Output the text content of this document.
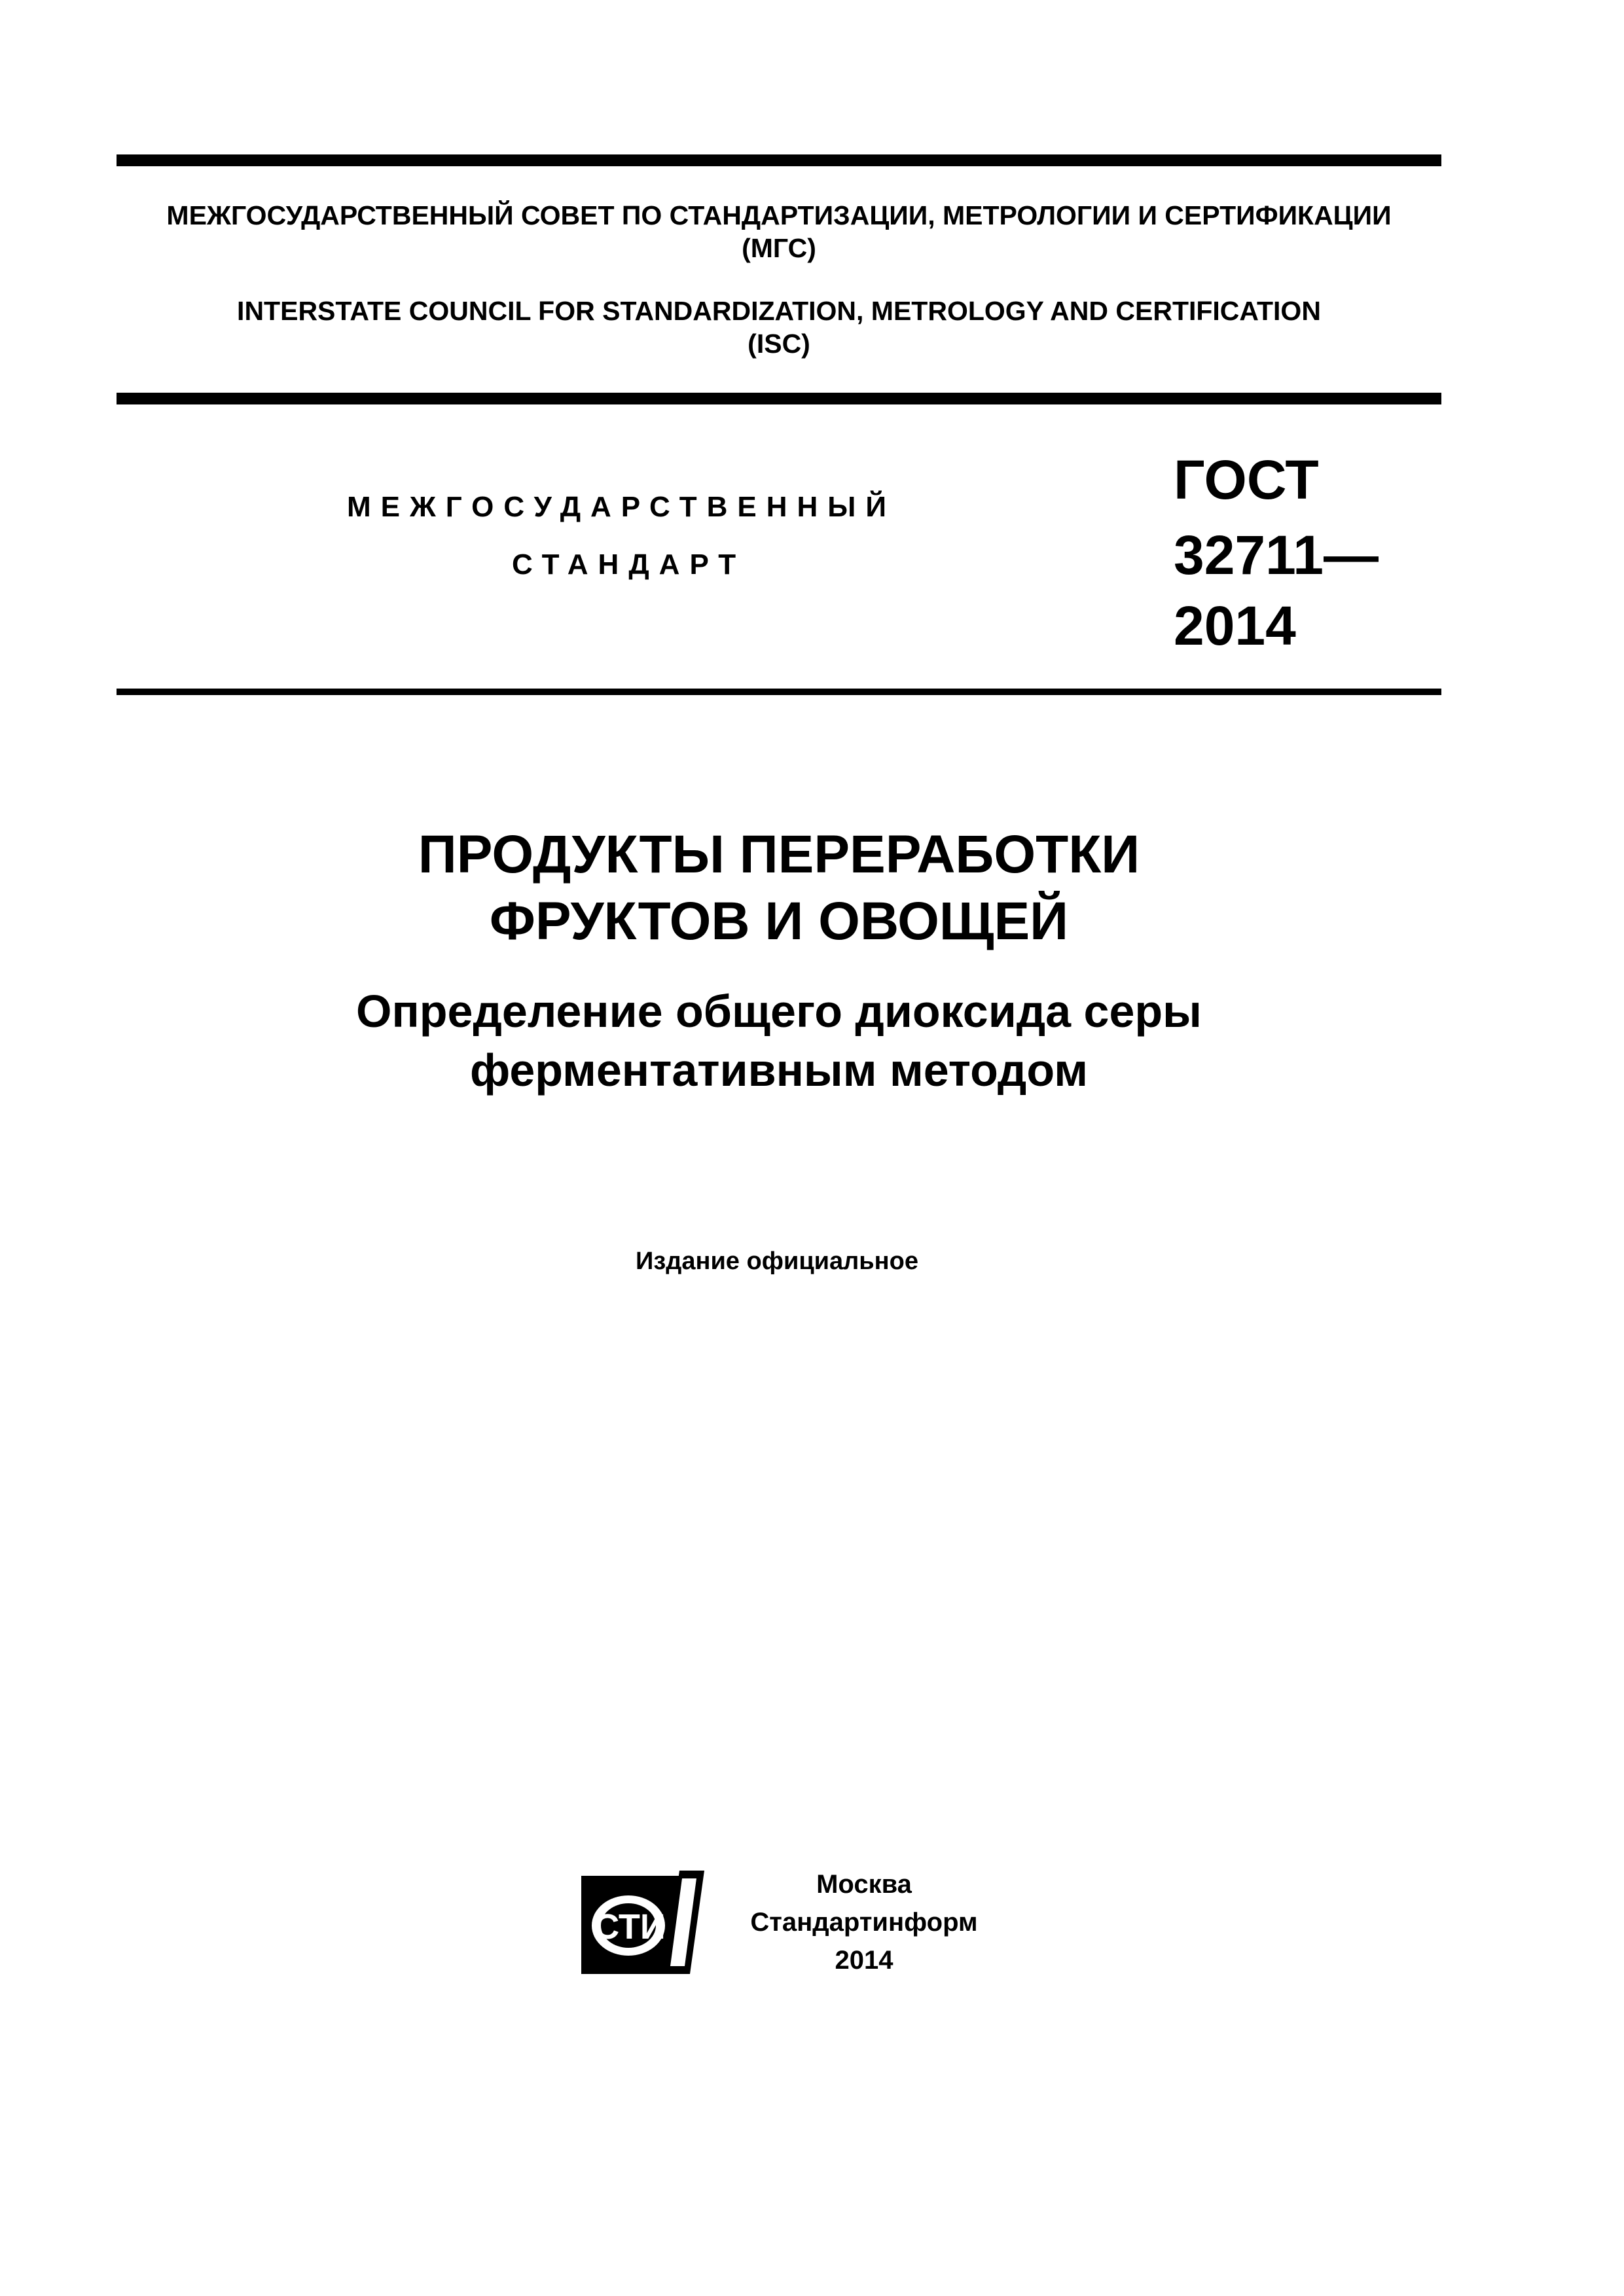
МЕЖГОСУДАРСТВЕННЫЙ СОВЕТ ПО СТАНДАРТИЗАЦИИ, МЕТРОЛОГИИ И СЕРТИФИКАЦИИ
(МГС)
INTERSTATE COUNCIL FOR STANDARDIZATION, METROLOGY AND CERTIFICATION
(ISC)
МЕЖГОСУДАРСТВЕННЫЙ
СТАНДАРТ
ГОСТ
32711—
2014
ПРОДУКТЫ ПЕРЕРАБОТКИ
ФРУКТОВ И ОВОЩЕЙ
Определение общего диоксида серы
ферментативным методом
Издание официальное
СТИ
Москва
Стандартинформ
2014
